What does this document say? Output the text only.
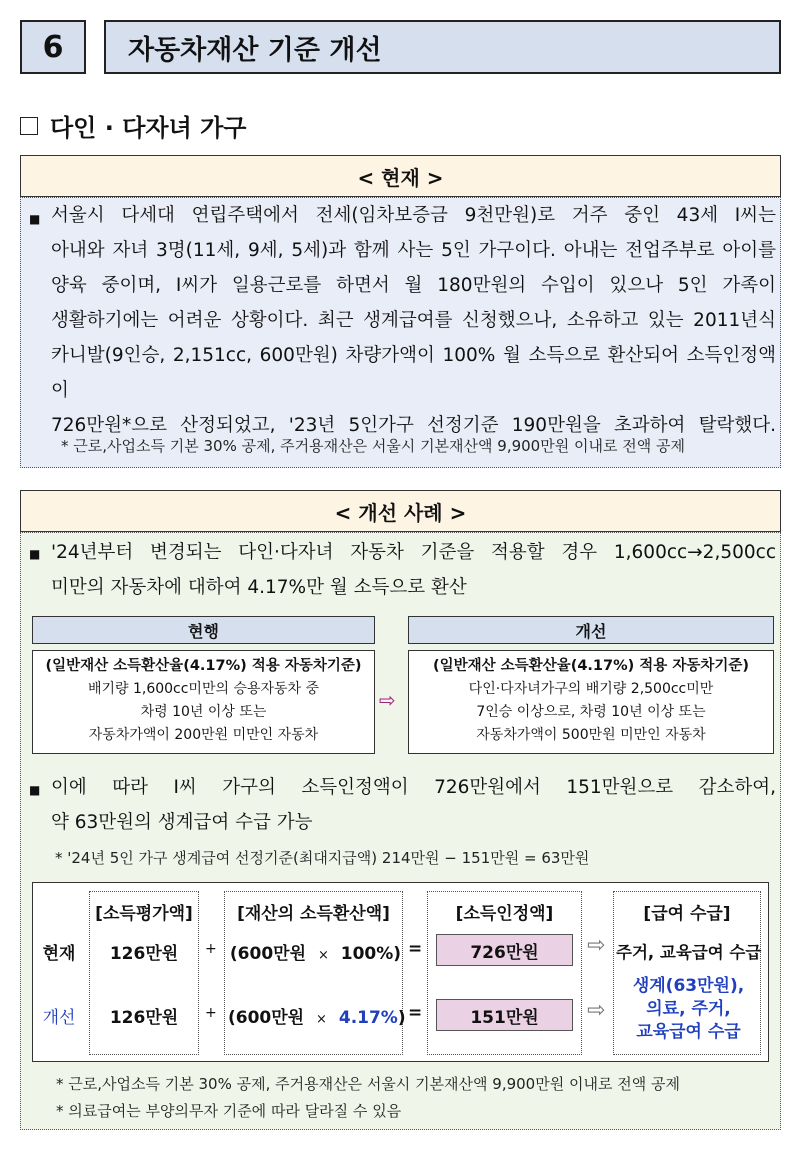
6	자동차재산 기준 개선
다인 · 다자녀 가구
< 현재 >
■ 서울시 다세대 연립주택에서 전세(임차보증금 9천만원)로 거주 중인 43세 I씨는
아내와 자녀 3명(11세, 9세, 5세)과 함께 사는 5인 가구이다. 아내는 전업주부로 아이를
양육 중이며, I씨가 일용근로를 하면서 월 180만원의 수입이 있으나 5인 가족이
생활하기에는 어려운 상황이다. 최근 생계급여를 신청했으나, 소유하고 있는 2011년식
카니발(9인승, 2,151cc, 600만원) 차량가액이 100% 월 소득으로 환산되어 소득인정액이
726만원*으로 산정되었고, '23년 5인가구 선정기준 190만원을 초과하여 탈락했다.
* 근로,사업소득 기본 30% 공제, 주거용재산은 서울시 기본재산액 9,900만원 이내로 전액 공제
< 개선 사례 >
■ '24년부터 변경되는 다인·다자녀 자동차 기준을 적용할 경우 1,600cc→2,500cc
미만의 자동차에 대하여 4.17%만 월 소득으로 환산
현행	개선
(일반재산 소득환산율(4.17%) 적용 자동차기준)
배기량 1,600cc미만의 승용자동차 중
차령 10년 이상 또는
자동차가액이 200만원 미만인 자동차
⇨
(일반재산 소득환산율(4.17%) 적용 자동차기준)
다인·다자녀가구의 배기량 2,500cc미만
7인승 이상으로, 차령 10년 이상 또는
자동차가액이 500만원 미만인 자동차
■ 이에 따라 I씨 가구의 소득인정액이 726만원에서 151만원으로 감소하여,
약 63만원의 생계급여 수급 가능
* '24년 5인 가구 생계급여 선정기준(최대지급액) 214만원 − 151만원 = 63만원
[소득평가액]	[재산의 소득환산액]	[소득인정액]	[급여 수급]
현재	126만원	+ (600만원 × 100%) =	726만원	⇨ 주거, 교육급여 수급
개선	126만원	+ (600만원 × 4.17%) =	151만원	⇨
생계(63만원),
의료, 주거,
교육급여 수급
* 근로,사업소득 기본 30% 공제, 주거용재산은 서울시 기본재산액 9,900만원 이내로 전액 공제
* 의료급여는 부양의무자 기준에 따라 달라질 수 있음
